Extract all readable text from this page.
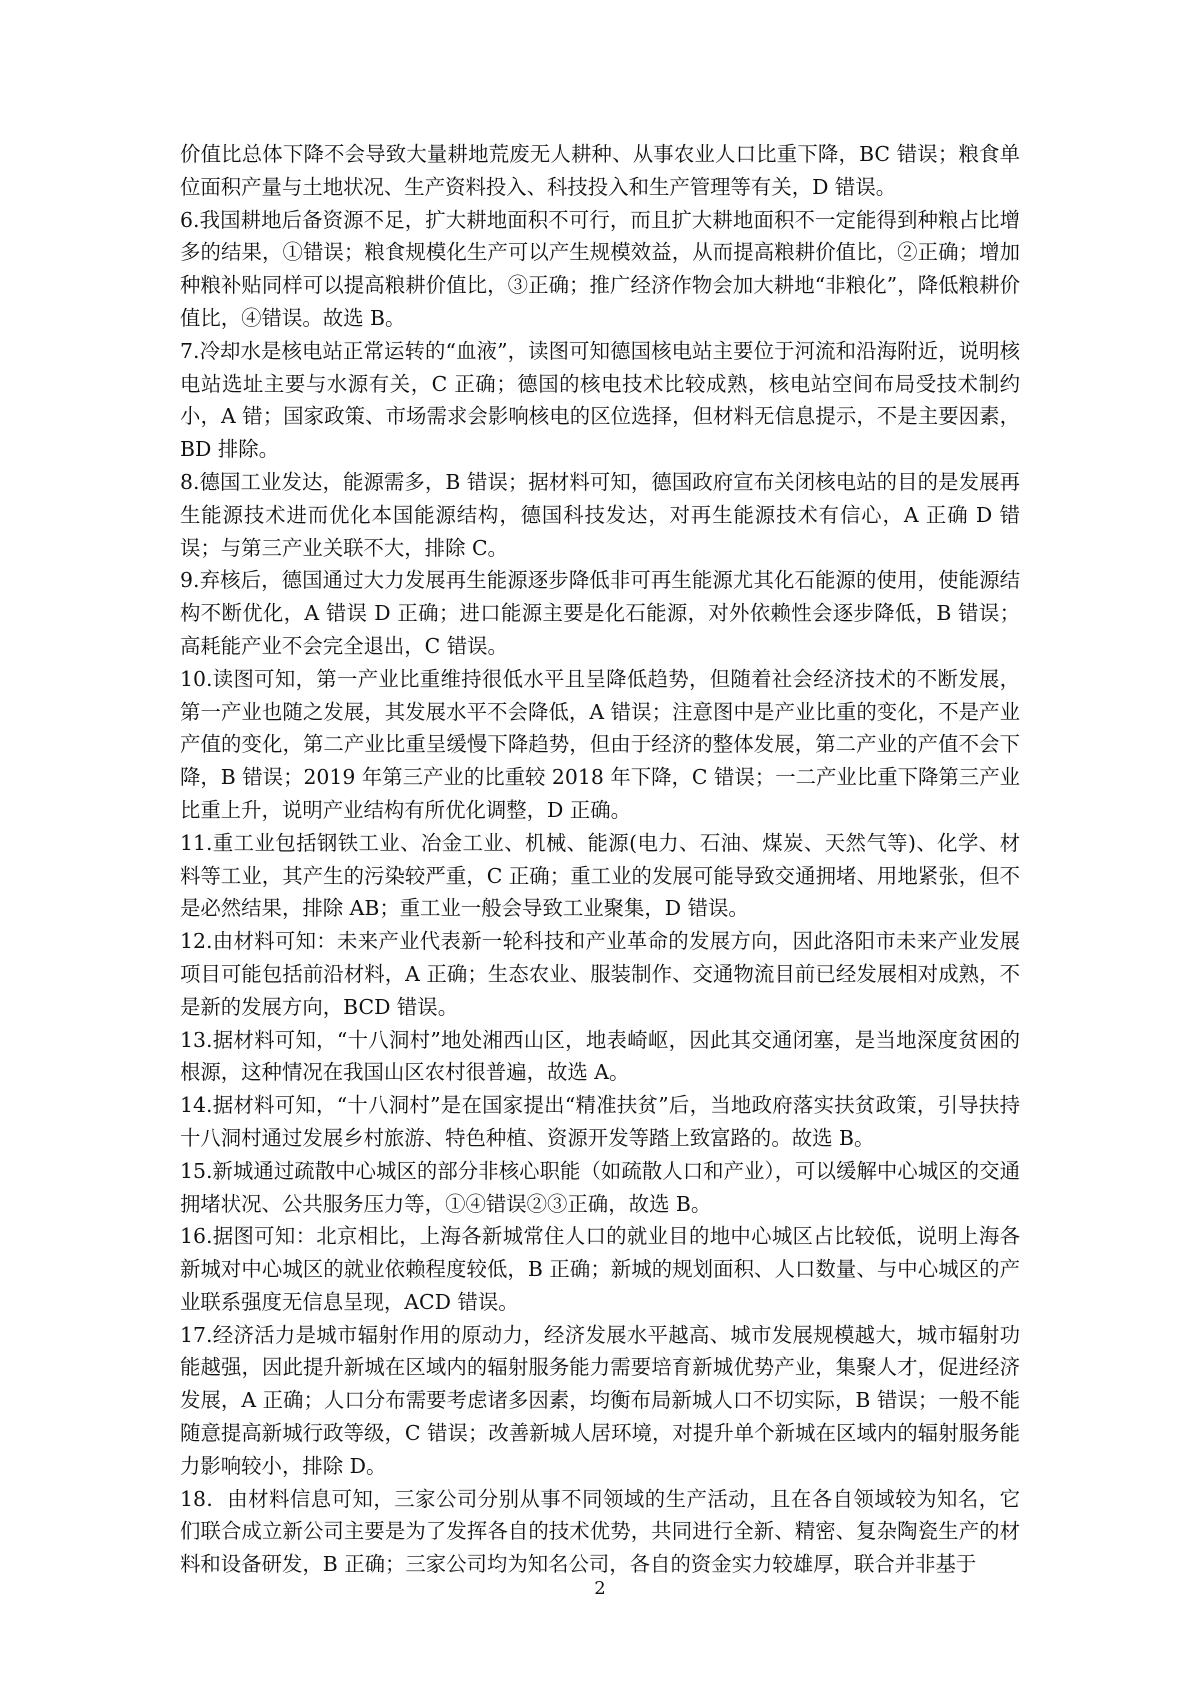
价值比总体下降不会导致大量耕地荒废无人耕种、从事农业人口比重下降，BC 错误；粮食单位面积产量与土地状况、生产资料投入、科技投入和生产管理等有关，D 错误。

6.我国耕地后备资源不足，扩大耕地面积不可行，而且扩大耕地面积不一定能得到种粮占比增多的结果，①错误；粮食规模化生产可以产生规模效益，从而提高粮耕价值比，②正确；增加种粮补贴同样可以提高粮耕价值比，③正确；推广经济作物会加大耕地“非粮化”，降低粮耕价值比，④错误。故选 B。

7.冷却水是核电站正常运转的“血液”，读图可知德国核电站主要位于河流和沿海附近，说明核电站选址主要与水源有关，C 正确；德国的核电技术比较成熟，核电站空间布局受技术制约小，A 错；国家政策、市场需求会影响核电的区位选择，但材料无信息提示，不是主要因素，BD 排除。

8.德国工业发达，能源需多，B 错误；据材料可知，德国政府宣布关闭核电站的目的是发展再生能源技术进而优化本国能源结构，德国科技发达，对再生能源技术有信心，A 正确 D 错误；与第三产业关联不大，排除 C。

9.弃核后，德国通过大力发展再生能源逐步降低非可再生能源尤其化石能源的使用，使能源结构不断优化，A 错误 D 正确；进口能源主要是化石能源，对外依赖性会逐步降低，B 错误；高耗能产业不会完全退出，C 错误。

10.读图可知，第一产业比重维持很低水平且呈降低趋势，但随着社会经济技术的不断发展，第一产业也随之发展，其发展水平不会降低，A 错误；注意图中是产业比重的变化，不是产业产值的变化，第二产业比重呈缓慢下降趋势，但由于经济的整体发展，第二产业的产值不会下降，B 错误；2019 年第三产业的比重较 2018 年下降，C 错误；一二产业比重下降第三产业比重上升，说明产业结构有所优化调整，D 正确。

11.重工业包括钢铁工业、冶金工业、机械、能源(电力、石油、煤炭、天然气等)、化学、材料等工业，其产生的污染较严重，C 正确；重工业的发展可能导致交通拥堵、用地紧张，但不是必然结果，排除 AB；重工业一般会导致工业聚集，D 错误。

12.由材料可知：未来产业代表新一轮科技和产业革命的发展方向，因此洛阳市未来产业发展项目可能包括前沿材料，A 正确；生态农业、服装制作、交通物流目前已经发展相对成熟，不是新的发展方向，BCD 错误。

13.据材料可知，“十八洞村”地处湘西山区，地表崎岖，因此其交通闭塞，是当地深度贫困的根源，这种情况在我国山区农村很普遍，故选 A。

14.据材料可知，“十八洞村”是在国家提出“精准扶贫”后，当地政府落实扶贫政策，引导扶持十八洞村通过发展乡村旅游、特色种植、资源开发等踏上致富路的。故选 B。

15.新城通过疏散中心城区的部分非核心职能（如疏散人口和产业），可以缓解中心城区的交通拥堵状况、公共服务压力等，①④错误②③正确，故选 B。

16.据图可知：北京相比，上海各新城常住人口的就业目的地中心城区占比较低，说明上海各新城对中心城区的就业依赖程度较低，B 正确；新城的规划面积、人口数量、与中心城区的产业联系强度无信息呈现，ACD 错误。

17.经济活力是城市辐射作用的原动力，经济发展水平越高、城市发展规模越大，城市辐射功能越强，因此提升新城在区域内的辐射服务能力需要培育新城优势产业，集聚人才，促进经济发展，A 正确；人口分布需要考虑诸多因素，均衡布局新城人口不切实际，B 错误；一般不能随意提高新城行政等级，C 错误；改善新城人居环境，对提升单个新城在区域内的辐射服务能力影响较小，排除 D。

18．由材料信息可知，三家公司分别从事不同领域的生产活动，且在各自领域较为知名，它们联合成立新公司主要是为了发挥各自的技术优势，共同进行全新、精密、复杂陶瓷生产的材料和设备研发，B 正确；三家公司均为知名公司，各自的资金实力较雄厚，联合并非基于

2
